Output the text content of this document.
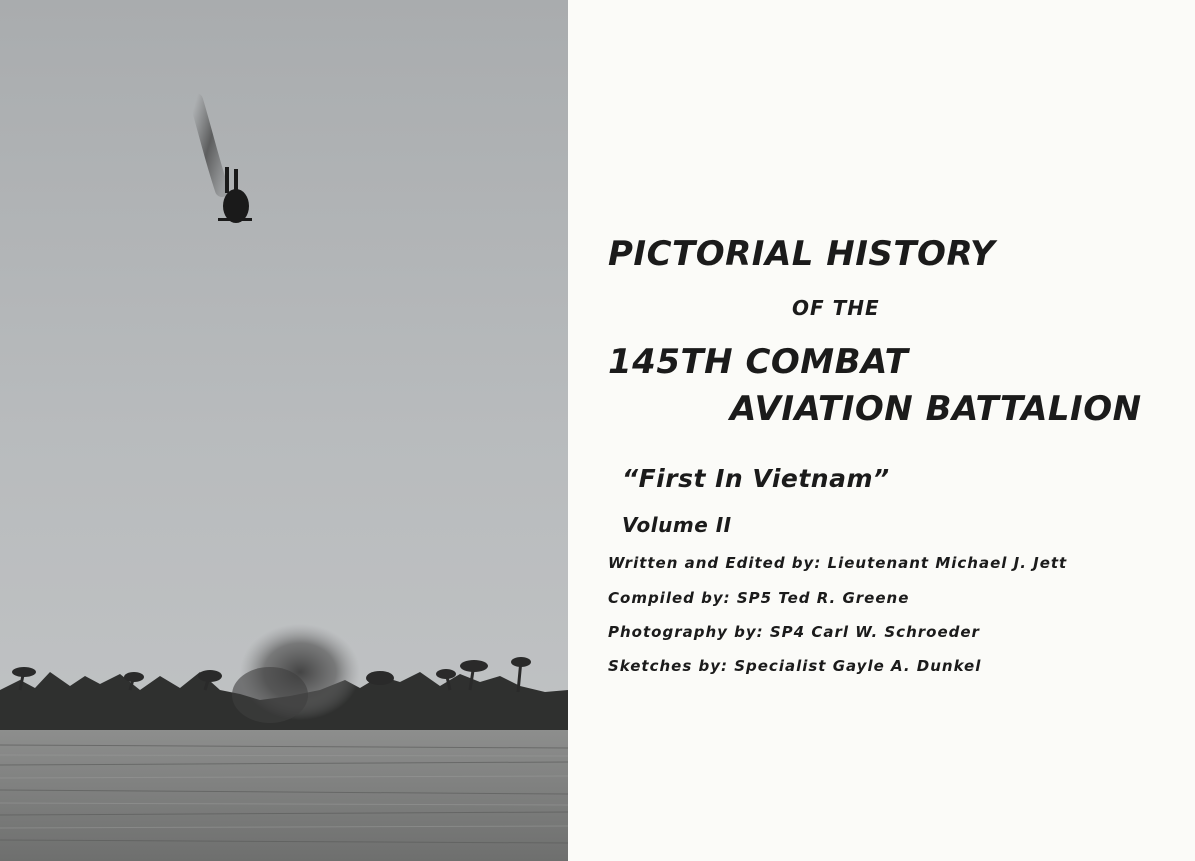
PICTORIAL HISTORY
OF THE
145TH COMBAT
AVIATION BATTALION
“First In Vietnam”
Volume II
Written and Edited by: Lieutenant Michael J. Jett
Compiled by: SP5 Ted R. Greene
Photography by: SP4 Carl W. Schroeder
Sketches by: Specialist Gayle A. Dunkel
